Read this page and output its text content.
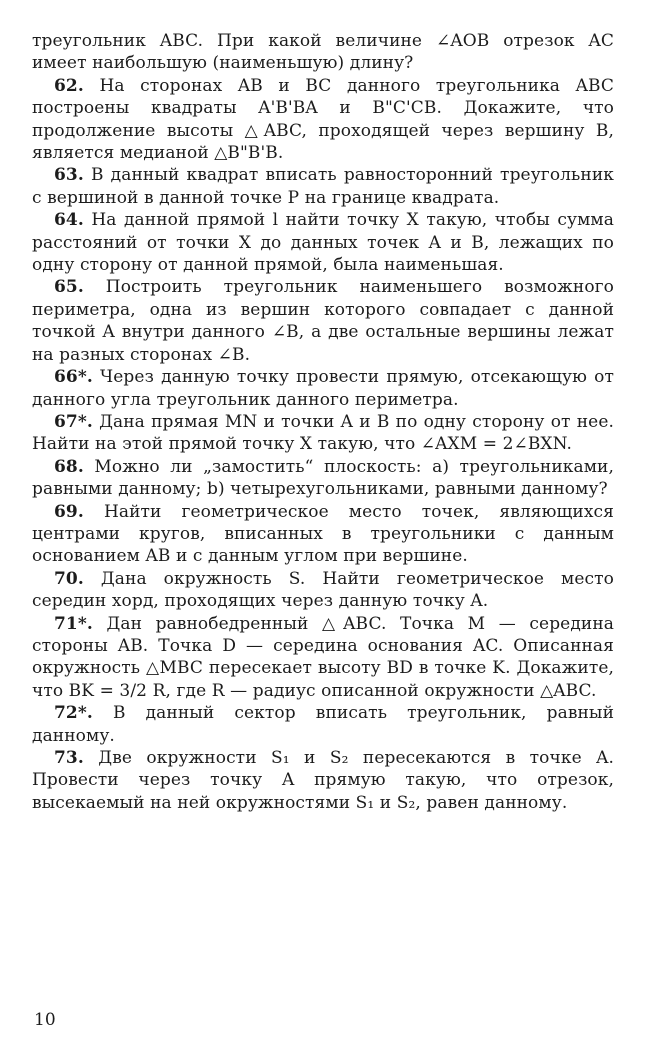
треугольник ABC. При какой величине ∠AOB отрезок AC имеет наибольшую (наименьшую) длину?

62. На сторонах AB и BC данного треугольника ABC построены квадраты A'B'BA и B"C'CB. Докажите, что продолжение высоты △ABC, проходящей через вершину B, является медианой △B"B'B.

63. В данный квадрат вписать равносторонний треугольник с вершиной в данной точке P на границе квадрата.

64. На данной прямой l найти точку X такую, чтобы сумма расстояний от точки X до данных точек A и B, лежащих по одну сторону от данной прямой, была наименьшая.

65. Построить треугольник наименьшего возможного периметра, одна из вершин которого совпадает с данной точкой A внутри данного ∠B, а две остальные вершины лежат на разных сторонах ∠B.

66*. Через данную точку провести прямую, отсекающую от данного угла треугольник данного периметра.

67*. Дана прямая MN и точки A и B по одну сторону от нее. Найти на этой прямой точку X такую, что ∠AXM = 2∠BXN.

68. Можно ли „замостить“ плоскость: a) треугольниками, равными данному; b) четырехугольниками, равными данному?

69. Найти геометрическое место точек, являющихся центрами кругов, вписанных в треугольники с данным основанием AB и с данным углом при вершине.

70. Дана окружность S. Найти геометрическое место середин хорд, проходящих через данную точку A.

71*. Дан равнобедренный △ABC. Точка M — середина стороны AB. Точка D — середина основания AC. Описанная окружность △MBC пересекает высоту BD в точке K. Докажите, что BK = 3/2 R, где R — радиус описанной окружности △ABC.

72*. В данный сектор вписать треугольник, равный данному.

73. Две окружности S₁ и S₂ пересекаются в точке A. Провести через точку A прямую такую, что отрезок, высекаемый на ней окружностями S₁ и S₂, равен данному.

10
